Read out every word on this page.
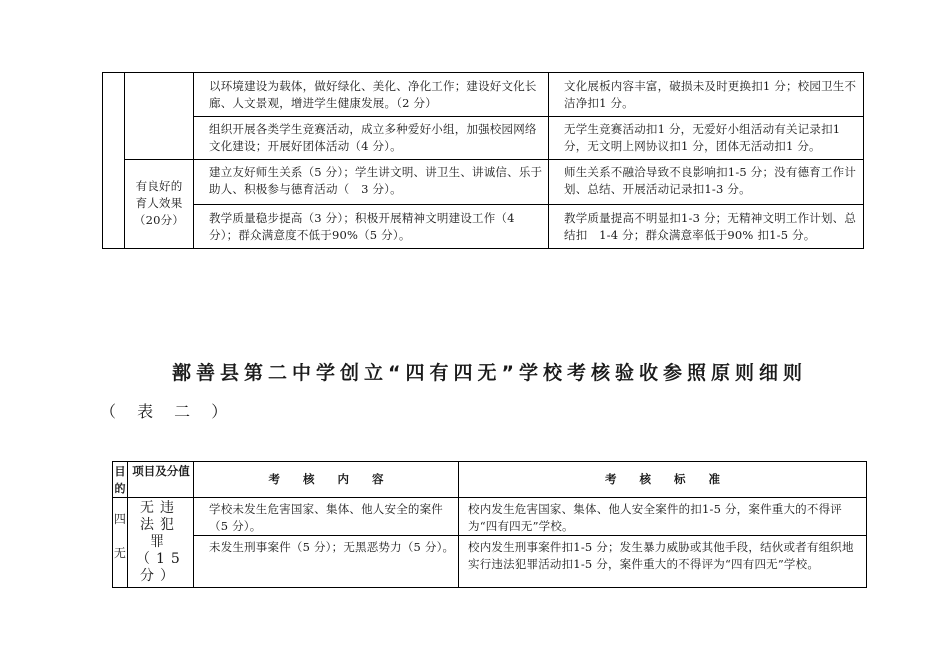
有良好的育人效果（20分）
以环境建设为载体，做好绿化、美化、净化工作；建设好文化长廊、人文景观，增进学生健康发展。（2 分）
文化展板内容丰富，破损未及时更换扣1 分；校园卫生不洁净扣1 分。
组织开展各类学生竞赛活动，成立多种爱好小组，加强校园网络文化建设；开展好团体活动（4 分）。
无学生竞赛活动扣1 分，无爱好小组活动有关记录扣1 分，无文明上网协议扣1 分，团体无活动扣1 分。
建立友好师生关系（5 分）；学生讲文明、讲卫生、讲诚信、乐于助人、积极参与德育活动（　3 分）。
师生关系不融洽导致不良影响扣1-5 分；没有德育工作计划、总结、开展活动记录扣1-3 分。
教学质量稳步提高（3 分）；积极开展精神文明建设工作（4 分）；群众满意度不低于90%（5 分）。
教学质量提高不明显扣1-3 分；无精神文明工作计划、总结扣　1-4 分；群众满意率低于90% 扣1-5 分。
鄯善县第二中学创立“四有四无”学校考核验收参照原则细则
（ 表 二 ）
目的
项目及分值
考　　核　　内　　容	考　　核　　标　　准
四无
无违法犯罪（15分）
学校未发生危害国家、集体、他人安全的案件（5 分）。
校内发生危害国家、集体、他人安全案件的扣1-5 分，案件重大的不得评为“四有四无”学校。
未发生刑事案件（5 分）；无黑恶势力（5 分）。 校内发生刑事案件扣1-5 分；发生暴力威胁或其他手段，结伙或者有组织地实行违法犯罪活动扣1-5 分，案件重大的不得评为“四有四无”学校。
